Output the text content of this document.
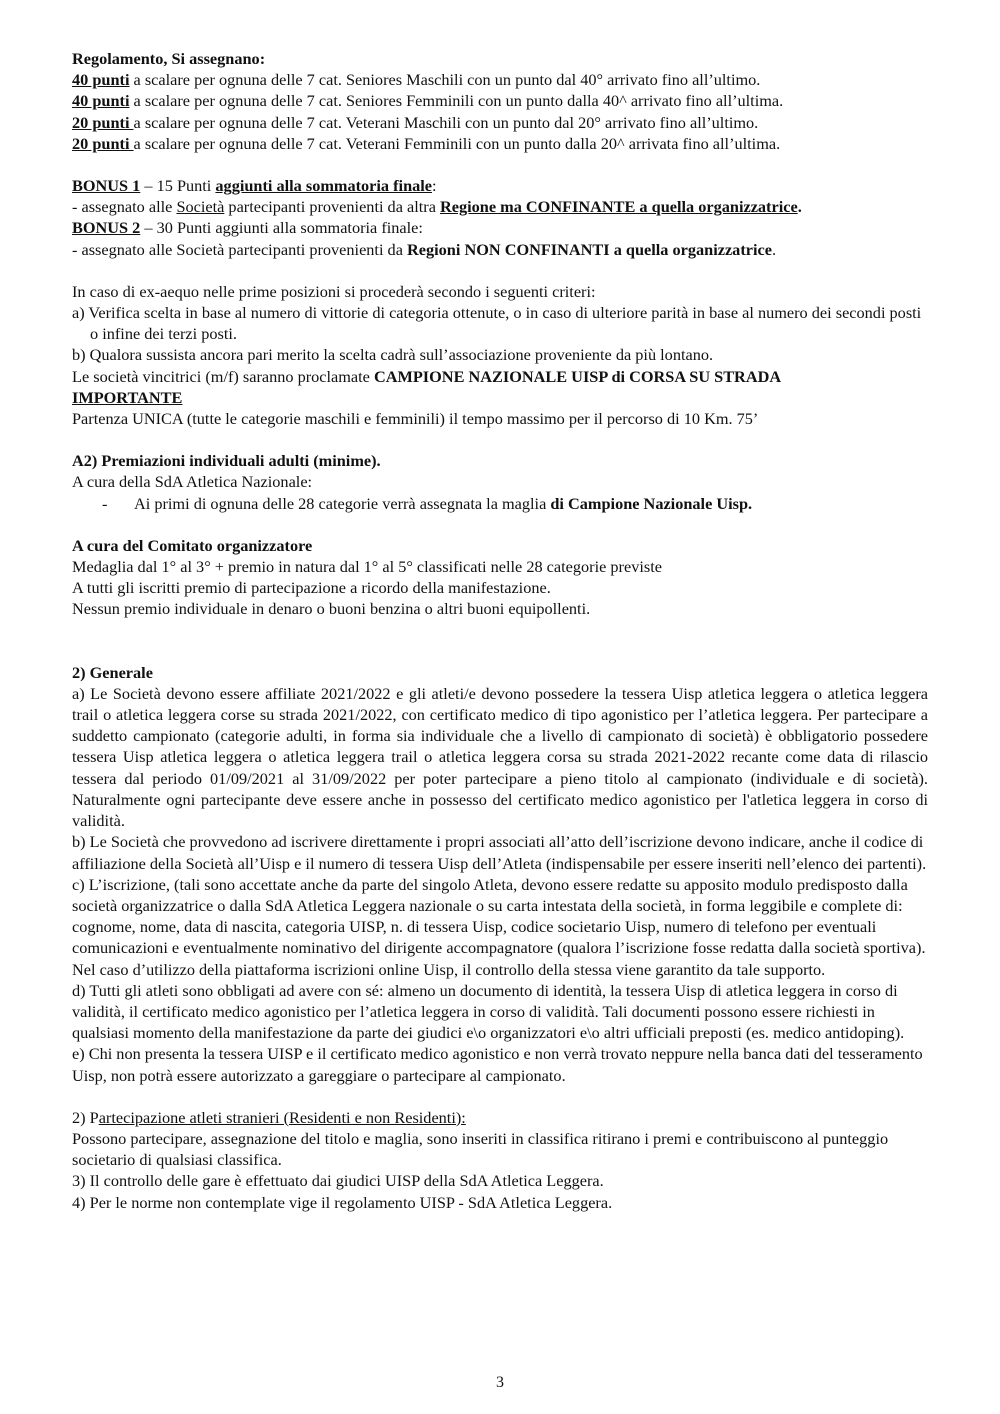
Regolamento, Si assegnano:

40 punti a scalare per ognuna delle 7 cat. Seniores Maschili con un punto dal 40° arrivato fino all’ultimo.

40 punti a scalare per ognuna delle 7 cat. Seniores Femminili con un punto dalla 40^ arrivato fino all’ultima.

20 punti a scalare per ognuna delle 7 cat. Veterani Maschili con un punto dal 20° arrivato fino all’ultimo.

20 punti a scalare per ognuna delle 7 cat. Veterani Femminili con un punto dalla 20^ arrivata fino all’ultima.

BONUS 1 – 15 Punti aggiunti alla sommatoria finale:

- assegnato alle Società partecipanti provenienti da altra Regione ma CONFINANTE a quella organizzatrice.

BONUS 2 – 30 Punti aggiunti alla sommatoria finale:

- assegnato alle Società partecipanti provenienti da Regioni NON CONFINANTI a quella organizzatrice.

In caso di ex-aequo nelle prime posizioni si procederà secondo i seguenti criteri:

a) Verifica scelta in base al numero di vittorie di categoria ottenute, o in caso di ulteriore parità in base al numero dei secondi posti o infine dei terzi posti.

b) Qualora sussista ancora pari merito la scelta cadrà sull’associazione proveniente da più lontano.

Le società vincitrici (m/f) saranno proclamate CAMPIONE NAZIONALE UISP di CORSA SU STRADA

IMPORTANTE

Partenza UNICA (tutte le categorie maschili e femminili) il tempo massimo per il percorso di 10 Km. 75’

A2) Premiazioni individuali adulti (minime).

A cura della SdA Atletica Nazionale:

- Ai primi di ognuna delle 28 categorie verrà assegnata la maglia di Campione Nazionale Uisp.

A cura del Comitato organizzatore

Medaglia dal 1° al 3° + premio in natura dal 1° al 5° classificati nelle 28 categorie previste

A tutti gli iscritti premio di partecipazione a ricordo della manifestazione.

Nessun premio individuale in denaro o buoni benzina o altri buoni equipollenti.

2) Generale

a) Le Società devono essere affiliate 2021/2022 e gli atleti/e devono possedere la tessera Uisp atletica leggera o atletica leggera trail o atletica leggera corse su strada 2021/2022, con certificato medico di tipo agonistico per l’atletica leggera. Per partecipare a suddetto campionato (categorie adulti, in forma sia individuale che a livello di campionato di società) è obbligatorio possedere tessera Uisp atletica leggera o atletica leggera trail o atletica leggera corsa su strada 2021-2022 recante come data di rilascio tessera dal periodo 01/09/2021 al 31/09/2022 per poter partecipare a pieno titolo al campionato (individuale e di società). Naturalmente ogni partecipante deve essere anche in possesso del certificato medico agonistico per l'atletica leggera in corso di validità.

b) Le Società che provvedono ad iscrivere direttamente i propri associati all’atto dell’iscrizione devono indicare, anche il codice di affiliazione della Società all’Uisp e il numero di tessera Uisp dell’Atleta (indispensabile per essere inseriti nell’elenco dei partenti).

c) L’iscrizione, (tali sono accettate anche da parte del singolo Atleta, devono essere redatte su apposito modulo predisposto dalla società organizzatrice o dalla SdA Atletica Leggera nazionale o su carta intestata della società, in forma leggibile e complete di: cognome, nome, data di nascita, categoria UISP, n. di tessera Uisp, codice societario Uisp, numero di telefono per eventuali comunicazioni e eventualmente nominativo del dirigente accompagnatore (qualora l’iscrizione fosse redatta dalla società sportiva).

Nel caso d’utilizzo della piattaforma iscrizioni online Uisp, il controllo della stessa viene garantito da tale supporto.

d) Tutti gli atleti sono obbligati ad avere con sé: almeno un documento di identità, la tessera Uisp di atletica leggera in corso di validità, il certificato medico agonistico per l’atletica leggera in corso di validità. Tali documenti possono essere richiesti in qualsiasi momento della manifestazione da parte dei giudici e\o organizzatori e\o altri ufficiali preposti (es. medico antidoping).

e) Chi non presenta la tessera UISP e il certificato medico agonistico e non verrà trovato neppure nella banca dati del tesseramento Uisp, non potrà essere autorizzato a gareggiare o partecipare al campionato.

2) Partecipazione atleti stranieri (Residenti e non Residenti):

Possono partecipare, assegnazione del titolo e maglia, sono inseriti in classifica ritirano i premi e contribuiscono al punteggio societario di qualsiasi classifica.

3) Il controllo delle gare è effettuato dai giudici UISP della SdA Atletica Leggera.

4) Per le norme non contemplate vige il regolamento UISP - SdA Atletica Leggera.

3
